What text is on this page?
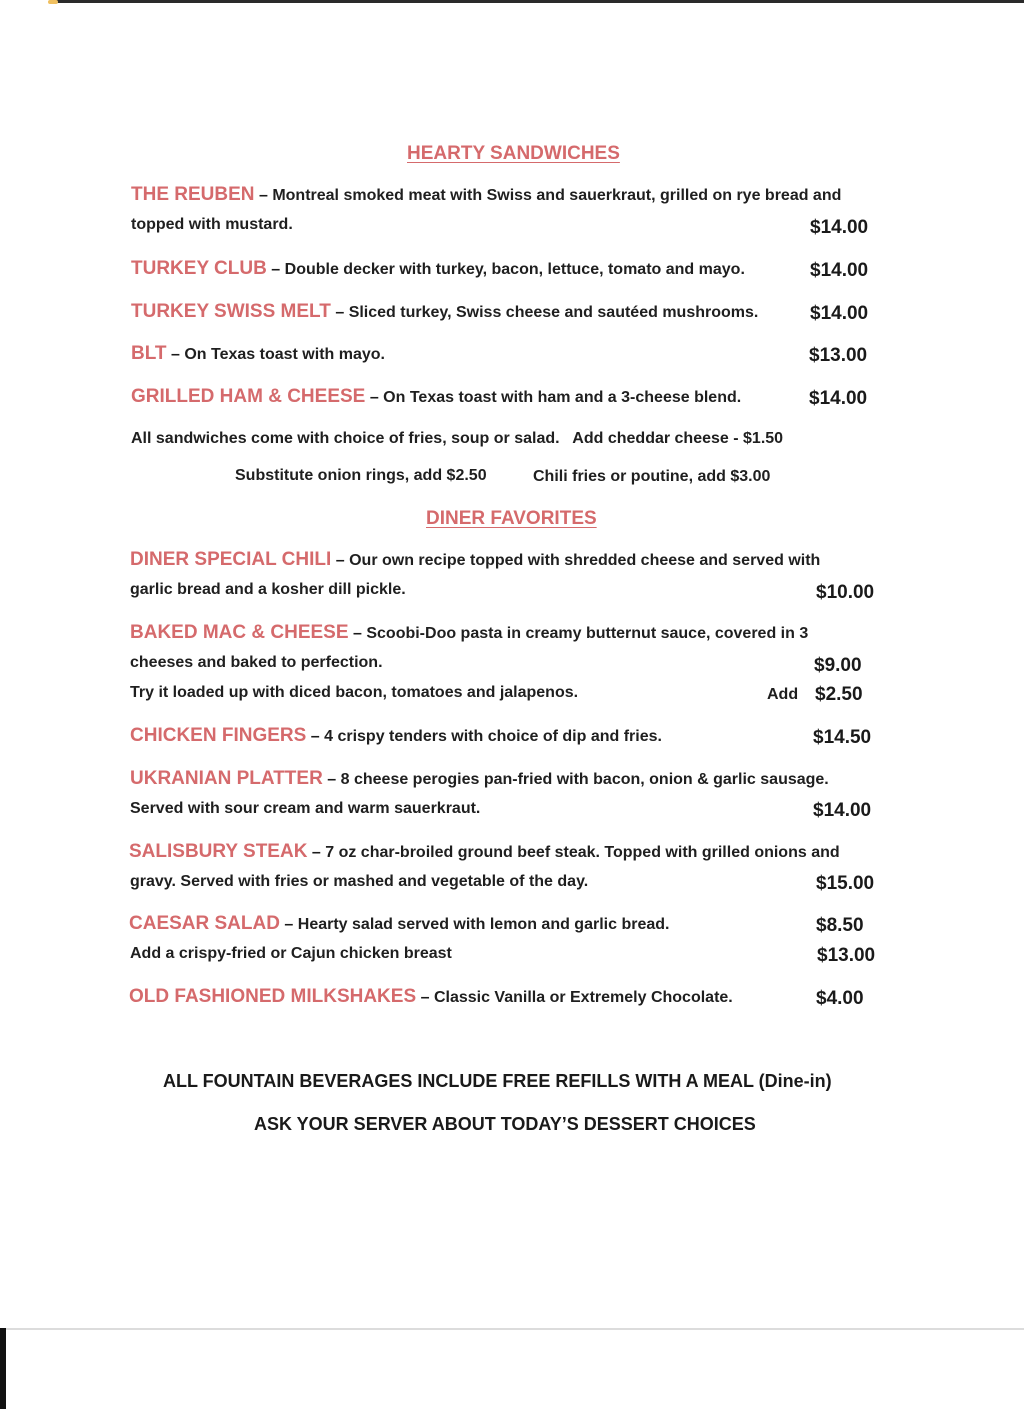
HEARTY SANDWICHES
THE REUBEN – Montreal smoked meat with Swiss and sauerkraut, grilled on rye bread and
topped with mustard.	$14.00
TURKEY CLUB – Double decker with turkey, bacon, lettuce, tomato and mayo.	$14.00
TURKEY SWISS MELT – Sliced turkey, Swiss cheese and sautéed mushrooms.	$14.00
BLT – On Texas toast with mayo.	$13.00
GRILLED HAM & CHEESE – On Texas toast with ham and a 3-cheese blend.	$14.00
All sandwiches come with choice of fries, soup or salad.   Add cheddar cheese - $1.50
Substitute onion rings, add $2.50	Chili fries or poutine, add $3.00
DINER FAVORITES
DINER SPECIAL CHILI – Our own recipe topped with shredded cheese and served with
garlic bread and a kosher dill pickle.	$10.00
BAKED MAC & CHEESE – Scoobi-Doo pasta in creamy butternut sauce, covered in 3
cheeses and baked to perfection.	$9.00
Try it loaded up with diced bacon, tomatoes and jalapenos.	Add $2.50
CHICKEN FINGERS – 4 crispy tenders with choice of dip and fries.	$14.50
UKRANIAN PLATTER – 8 cheese perogies pan-fried with bacon, onion & garlic sausage.
Served with sour cream and warm sauerkraut.	$14.00
SALISBURY STEAK – 7 oz char-broiled ground beef steak. Topped with grilled onions and
gravy. Served with fries or mashed and vegetable of the day.	$15.00
CAESAR SALAD – Hearty salad served with lemon and garlic bread.	$8.50
Add a crispy-fried or Cajun chicken breast	$13.00
OLD FASHIONED MILKSHAKES – Classic Vanilla or Extremely Chocolate.	$4.00
ALL FOUNTAIN BEVERAGES INCLUDE FREE REFILLS WITH A MEAL (Dine-in)
ASK YOUR SERVER ABOUT TODAY’S DESSERT CHOICES
